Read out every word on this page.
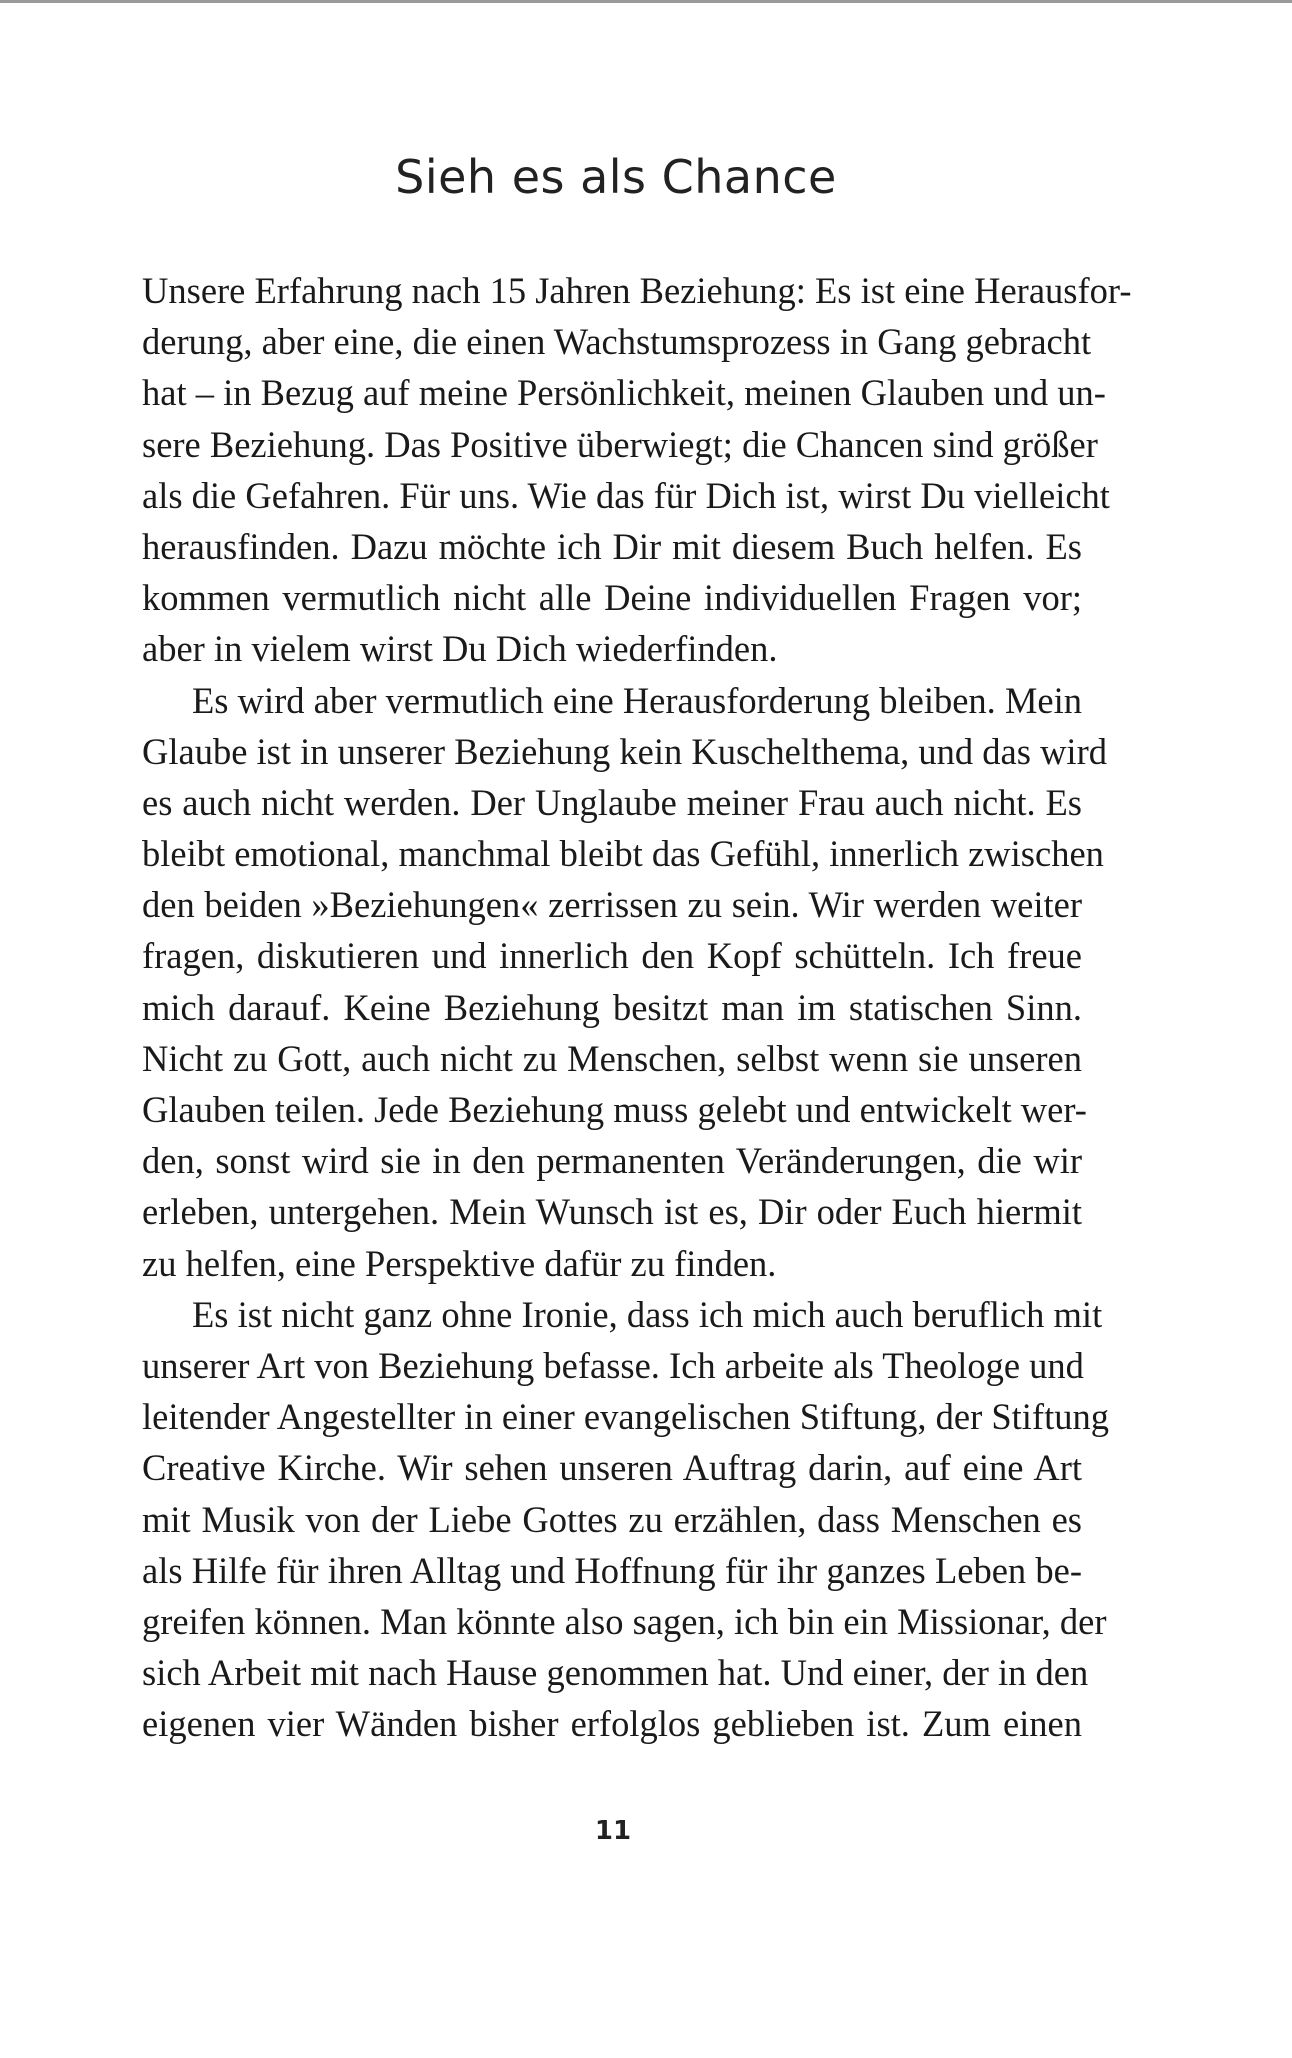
Sieh es als Chance
Unsere Erfahrung nach 15 Jahren Beziehung: Es ist eine Herausfor-
derung, aber eine, die einen Wachstumsprozess in Gang gebracht
hat – in Bezug auf meine Persönlichkeit, meinen Glauben und un-
sere Beziehung. Das Positive überwiegt; die Chancen sind größer
als die Gefahren. Für uns. Wie das für Dich ist, wirst Du vielleicht
herausfinden. Dazu möchte ich Dir mit diesem Buch helfen. Es
kommen vermutlich nicht alle Deine individuellen Fragen vor;
aber in vielem wirst Du Dich wiederfinden.
Es wird aber vermutlich eine Herausforderung bleiben. Mein
Glaube ist in unserer Beziehung kein Kuschelthema, und das wird
es auch nicht werden. Der Unglaube meiner Frau auch nicht. Es
bleibt emotional, manchmal bleibt das Gefühl, innerlich zwischen
den beiden »Beziehungen« zerrissen zu sein. Wir werden weiter
fragen, diskutieren und innerlich den Kopf schütteln. Ich freue
mich darauf. Keine Beziehung besitzt man im statischen Sinn.
Nicht zu Gott, auch nicht zu Menschen, selbst wenn sie unseren
Glauben teilen. Jede Beziehung muss gelebt und entwickelt wer-
den, sonst wird sie in den permanenten Veränderungen, die wir
erleben, untergehen. Mein Wunsch ist es, Dir oder Euch hiermit
zu helfen, eine Perspektive dafür zu finden.
Es ist nicht ganz ohne Ironie, dass ich mich auch beruflich mit
unserer Art von Beziehung befasse. Ich arbeite als Theologe und
leitender Angestellter in einer evangelischen Stiftung, der Stiftung
Creative Kirche. Wir sehen unseren Auftrag darin, auf eine Art
mit Musik von der Liebe Gottes zu erzählen, dass Menschen es
als Hilfe für ihren Alltag und Hoffnung für ihr ganzes Leben be-
greifen können. Man könnte also sagen, ich bin ein Missionar, der
sich Arbeit mit nach Hause genommen hat. Und einer, der in den
eigenen vier Wänden bisher erfolglos geblieben ist. Zum einen
11
